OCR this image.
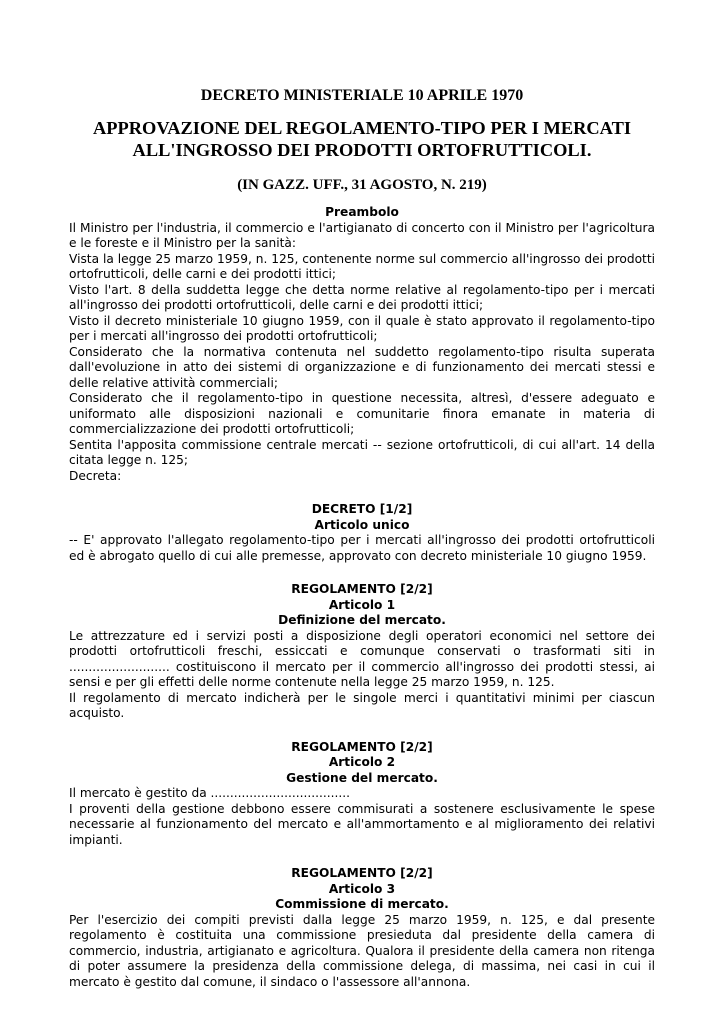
DECRETO MINISTERIALE 10 APRILE 1970
APPROVAZIONE DEL REGOLAMENTO-TIPO PER I MERCATI
ALL'INGROSSO DEI PRODOTTI ORTOFRUTTICOLI.
(IN GAZZ. UFF., 31 AGOSTO, N. 219)
Preambolo

Il Ministro per l'industria, il commercio e l'artigianato di concerto con il Ministro per l'agricoltura e le foreste e il Ministro per la sanità:

Vista la legge 25 marzo 1959, n. 125, contenente norme sul commercio all'ingrosso dei prodotti ortofrutticoli, delle carni e dei prodotti ittici;

Visto l'art. 8 della suddetta legge che detta norme relative al regolamento-tipo per i mercati all'ingrosso dei prodotti ortofrutticoli, delle carni e dei prodotti ittici;

Visto il decreto ministeriale 10 giugno 1959, con il quale è stato approvato il regolamento-tipo per i mercati all'ingrosso dei prodotti ortofrutticoli;

Considerato che la normativa contenuta nel suddetto regolamento-tipo risulta superata dall'evoluzione in atto dei sistemi di organizzazione e di funzionamento dei mercati stessi e delle relative attività commerciali;

Considerato che il regolamento-tipo in questione necessita, altresì, d'essere adeguato e uniformato alle disposizioni nazionali e comunitarie finora emanate in materia di commercializzazione dei prodotti ortofrutticoli;

Sentita l'apposita commissione centrale mercati -- sezione ortofrutticoli, di cui all'art. 14 della citata legge n. 125;

Decreta:

DECRETO [1/2]
Articolo unico

-- E' approvato l'allegato regolamento-tipo per i mercati all'ingrosso dei prodotti ortofrutticoli ed è abrogato quello di cui alle premesse, approvato con decreto ministeriale 10 giugno 1959.

REGOLAMENTO [2/2]
Articolo 1
Definizione del mercato.

Le attrezzature ed i servizi posti a disposizione degli operatori economici nel settore dei prodotti ortofrutticoli freschi, essiccati e comunque conservati o trasformati siti in .......................... costituiscono il mercato per il commercio all'ingrosso dei prodotti stessi, ai sensi e per gli effetti delle norme contenute nella legge 25 marzo 1959, n. 125.

Il regolamento di mercato indicherà per le singole merci i quantitativi minimi per ciascun acquisto.

REGOLAMENTO [2/2]
Articolo 2
Gestione del mercato.

Il mercato è gestito da ....................................

I proventi della gestione debbono essere commisurati a sostenere esclusivamente le spese necessarie al funzionamento del mercato e all'ammortamento e al miglioramento dei relativi impianti.

REGOLAMENTO [2/2]
Articolo 3
Commissione di mercato.

Per l'esercizio dei compiti previsti dalla legge 25 marzo 1959, n. 125, e dal presente regolamento è costituita una commissione presieduta dal presidente della camera di commercio, industria, artigianato e agricoltura. Qualora il presidente della camera non ritenga di poter assumere la presidenza della commissione delega, di massima, nei casi in cui il mercato è gestito dal comune, il sindaco o l'assessore all'annona.
